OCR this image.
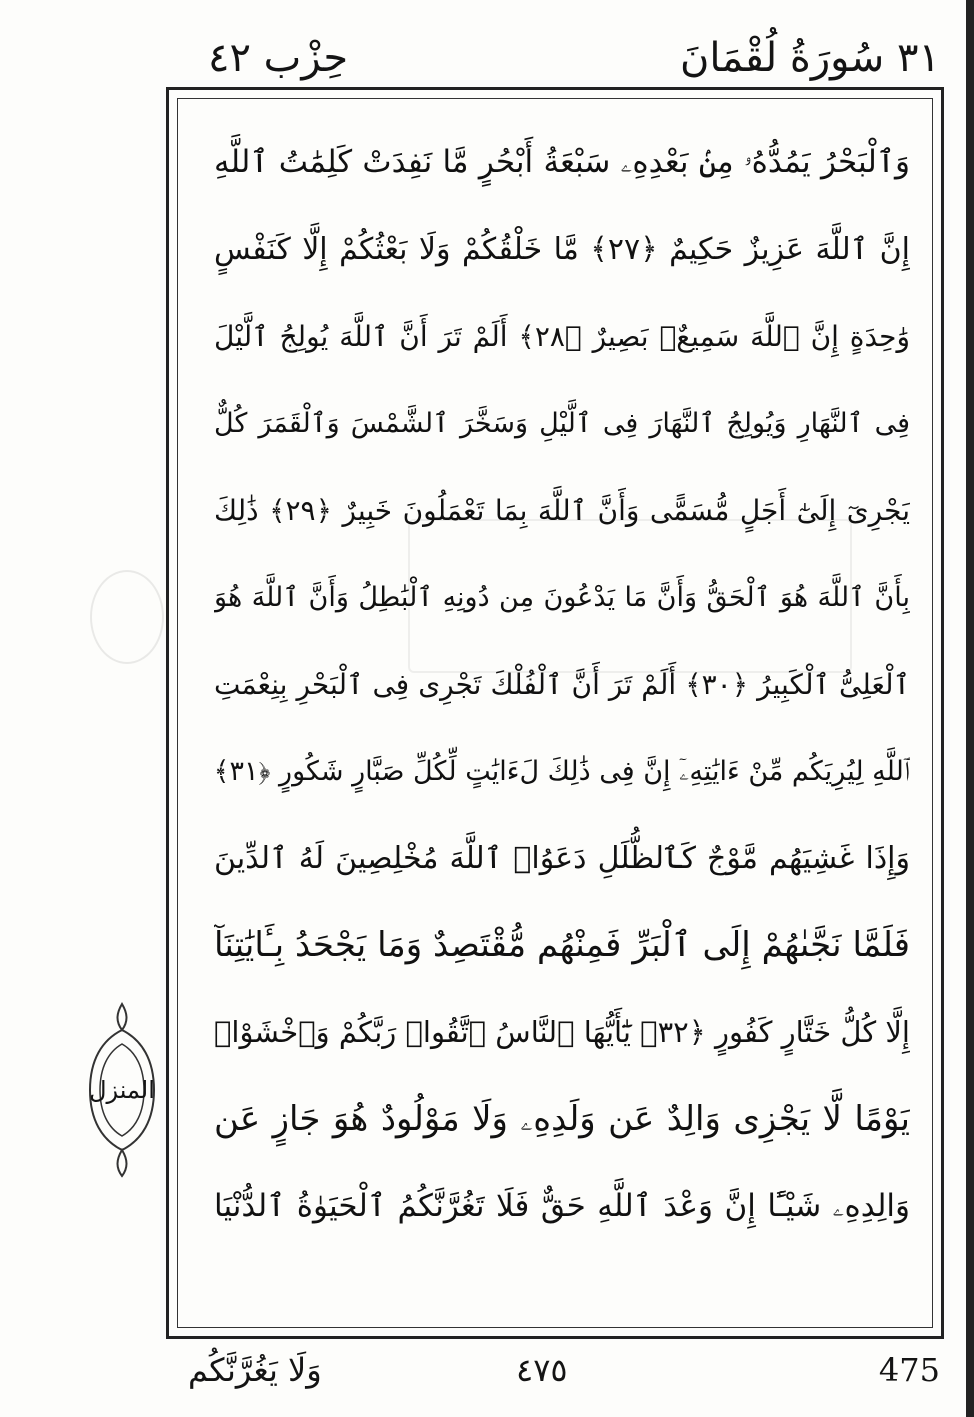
٣١ سُورَةُ لُقْمَانَ
حِزْب ٤٢
المنزل
وَٱلْبَحْرُ يَمُدُّهُۥ مِنۢ بَعْدِهِۦ سَبْعَةُ أَبْحُرٍ مَّا نَفِدَتْ كَلِمَٰتُ ٱللَّهِ
إِنَّ ٱللَّهَ عَزِيزٌ حَكِيمٌ ﴿٢٧﴾ مَّا خَلْقُكُمْ وَلَا بَعْثُكُمْ إِلَّا كَنَفْسٍ
وَٰحِدَةٍ إِنَّ ٱللَّهَ سَمِيعٌۢ بَصِيرٌ ﴿٢٨﴾ أَلَمْ تَرَ أَنَّ ٱللَّهَ يُولِجُ ٱلَّيْلَ
فِى ٱلنَّهَارِ وَيُولِجُ ٱلنَّهَارَ فِى ٱلَّيْلِ وَسَخَّرَ ٱلشَّمْسَ وَٱلْقَمَرَ كُلٌّ
يَجْرِىٓ إِلَىٰٓ أَجَلٍ مُّسَمًّى وَأَنَّ ٱللَّهَ بِمَا تَعْمَلُونَ خَبِيرٌ ﴿٢٩﴾ ذَٰلِكَ
بِأَنَّ ٱللَّهَ هُوَ ٱلْحَقُّ وَأَنَّ مَا يَدْعُونَ مِن دُونِهِ ٱلْبَٰطِلُ وَأَنَّ ٱللَّهَ هُوَ
ٱلْعَلِىُّ ٱلْكَبِيرُ ﴿٣٠﴾ أَلَمْ تَرَ أَنَّ ٱلْفُلْكَ تَجْرِى فِى ٱلْبَحْرِ بِنِعْمَتِ
ٱللَّهِ لِيُرِيَكُم مِّنْ ءَايَٰتِهِۦٓ إِنَّ فِى ذَٰلِكَ لَءَايَٰتٍ لِّكُلِّ صَبَّارٍ شَكُورٍ ﴿٣١﴾
وَإِذَا غَشِيَهُم مَّوْجٌ كَٱلظُّلَلِ دَعَوُا۟ ٱللَّهَ مُخْلِصِينَ لَهُ ٱلدِّينَ
فَلَمَّا نَجَّىٰهُمْ إِلَى ٱلْبَرِّ فَمِنْهُم مُّقْتَصِدٌ وَمَا يَجْحَدُ بِـَٔايَٰتِنَآ
إِلَّا كُلُّ خَتَّارٍ كَفُورٍ ﴿٣٢﴾ يَٰٓأَيُّهَا ٱلنَّاسُ ٱتَّقُوا۟ رَبَّكُمْ وَٱخْشَوْا۟
يَوْمًا لَّا يَجْزِى وَالِدٌ عَن وَلَدِهِۦ وَلَا مَوْلُودٌ هُوَ جَازٍ عَن
وَالِدِهِۦ شَيْـًٔا إِنَّ وَعْدَ ٱللَّهِ حَقٌّ فَلَا تَغُرَّنَّكُمُ ٱلْحَيَوٰةُ ٱلدُّنْيَا
وَلَا يَغُرَّنَّكُم	٤٧٥	475
